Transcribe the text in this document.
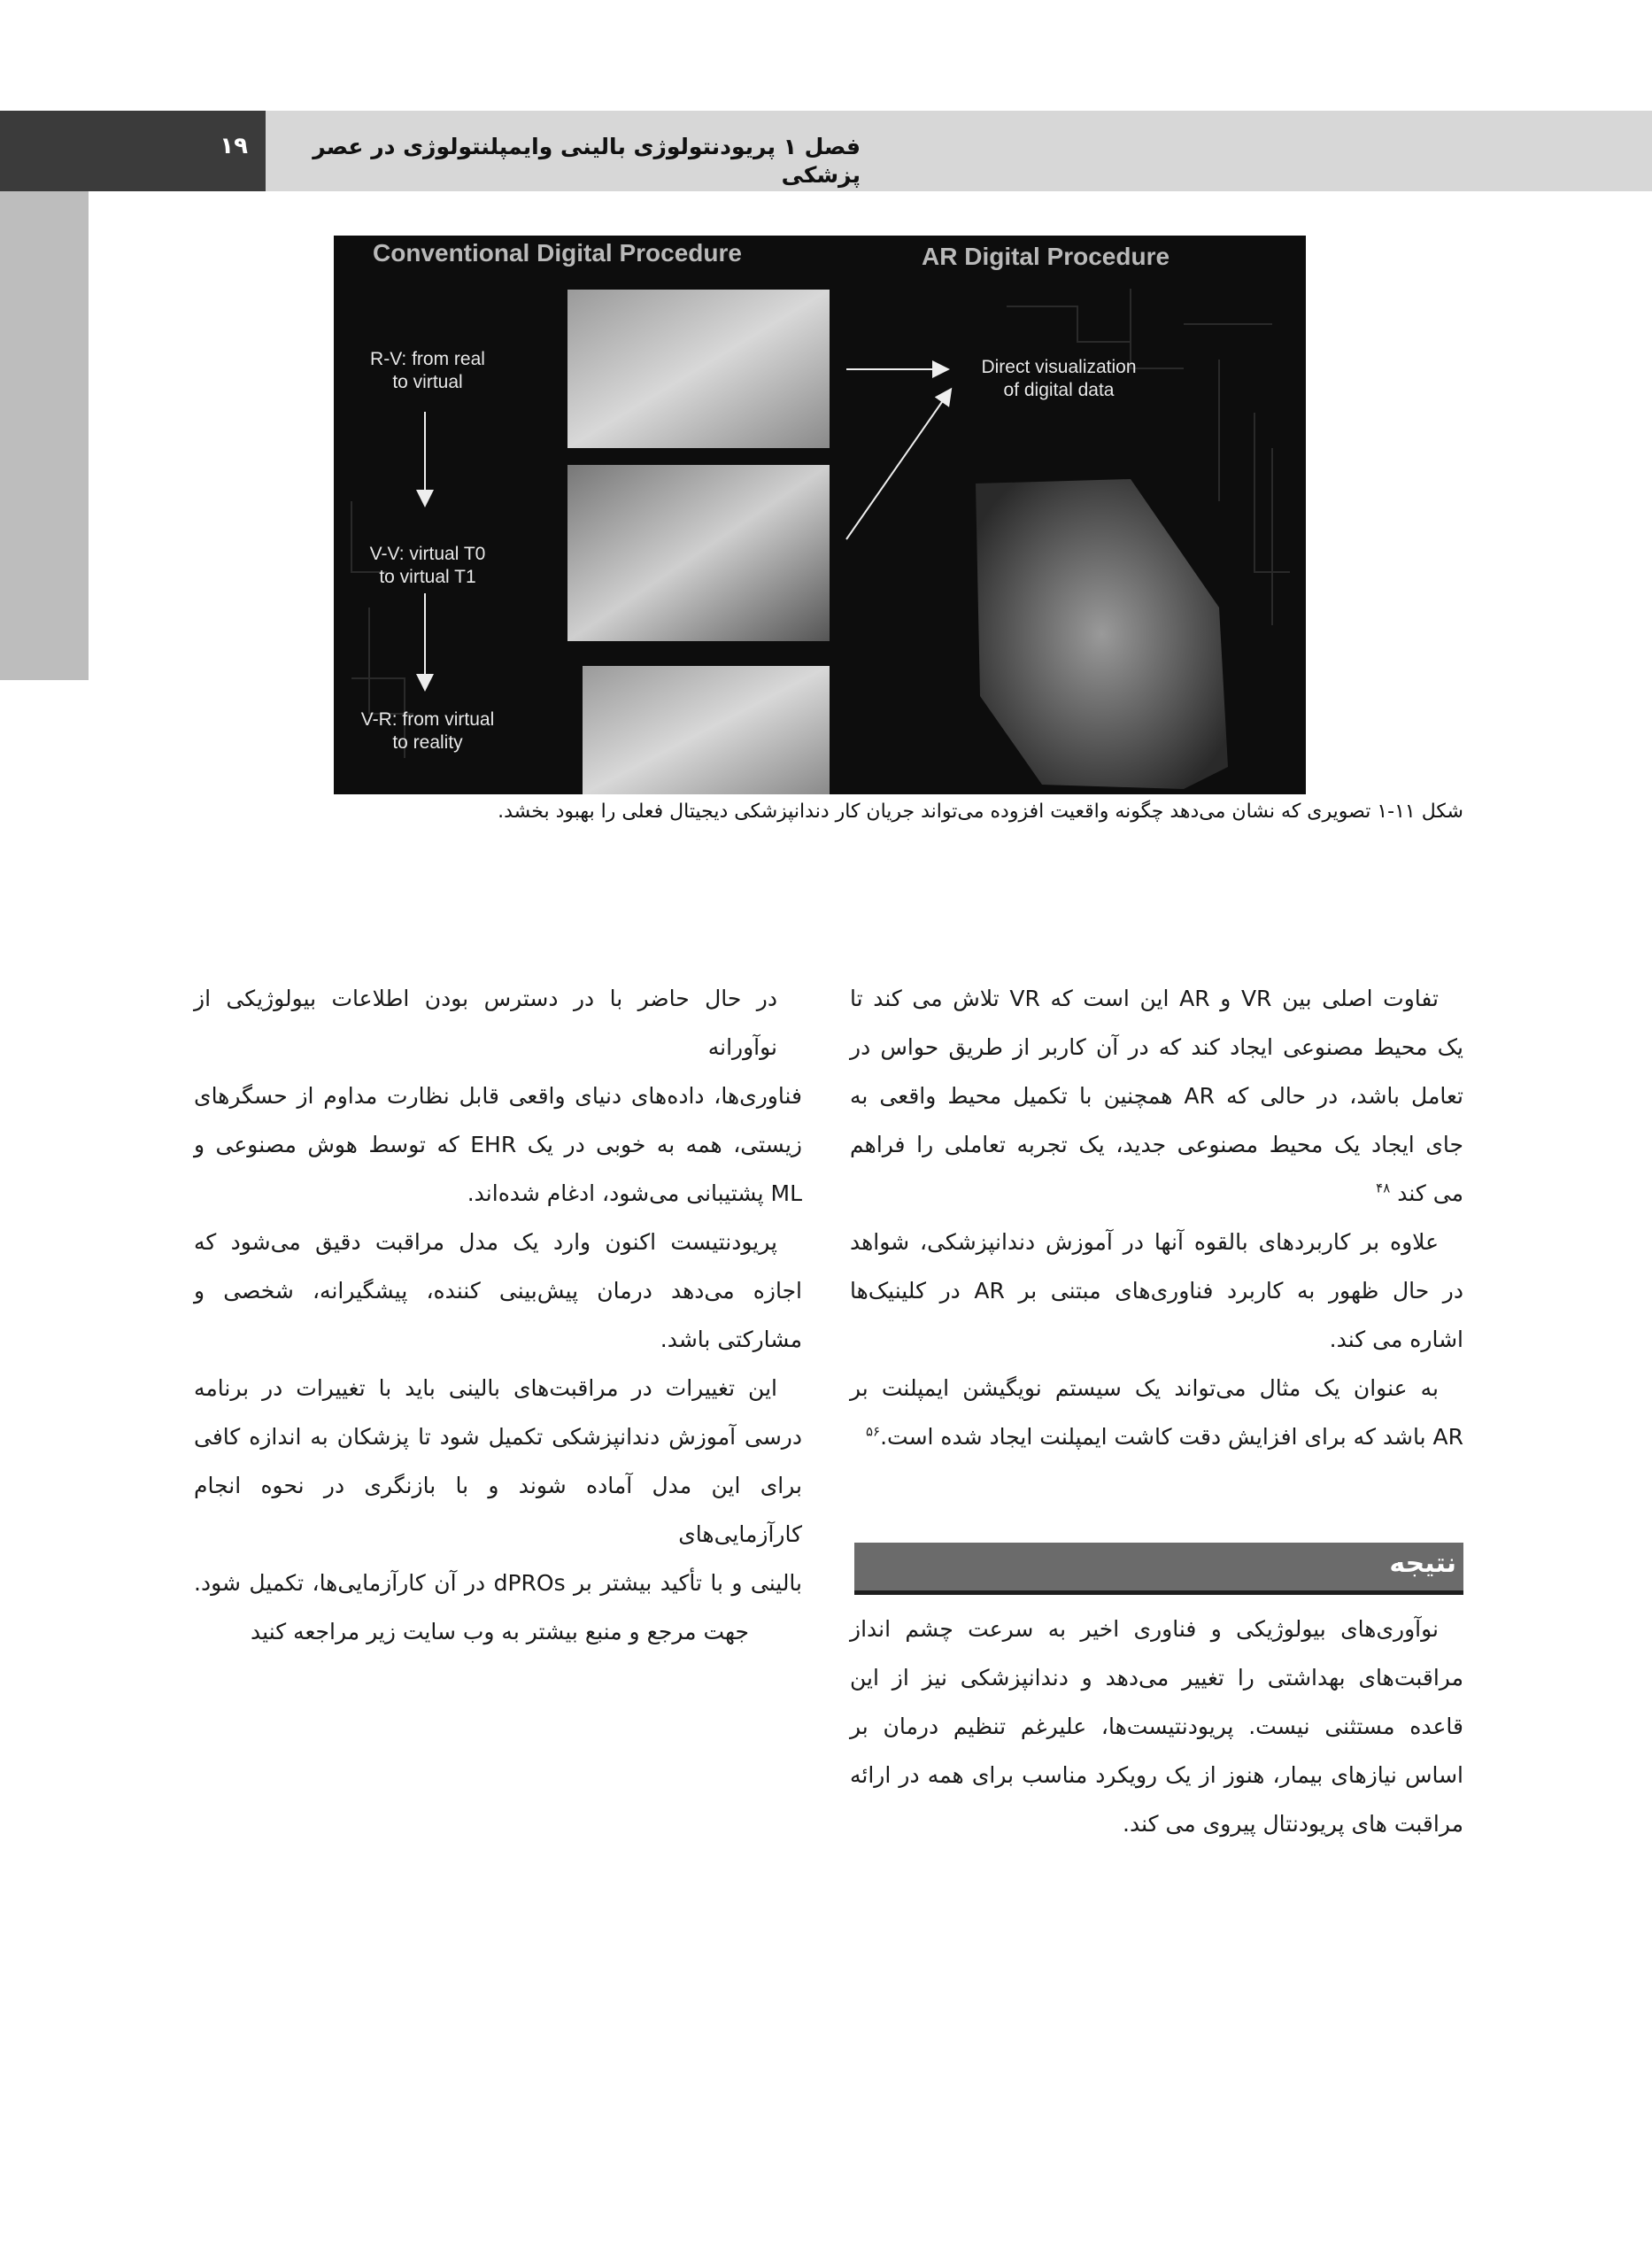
۱۹	فصل ۱ پریودنتولوژی بالینی وایمپلنتولوژی در عصر پزشکی
Conventional Digital Procedure	AR Digital Procedure
R-V: from real
to virtual
V-V: virtual T0
to virtual T1
V-R: from virtual
to reality
Direct visualization
of digital data
شکل ۱۱-۱ تصویری که نشان می‌دهد چگونه واقعیت افزوده می‌تواند جریان کار دندانپزشکی دیجیتال فعلی را بهبود بخشد.
تفاوت اصلی بین VR و AR این است که VR تلاش می کند تا
یک محیط مصنوعی ایجاد کند که در آن کاربر از طریق حواس در
تعامل باشد، در حالی که AR همچنین با تکمیل محیط واقعی به
جای ایجاد یک محیط مصنوعی جدید، یک تجربه تعاملی را فراهم
می کند $^{۴۸}$
علاوه بر کاربردهای بالقوه آنها در آموزش دندانپزشکی، شواهد
در حال ظهور به کاربرد فناوری‌های مبتنی بر AR در کلینیک‌ها
اشاره می کند.
به عنوان یک مثال می‌تواند یک سیستم نویگیشن ایمپلنت بر
AR باشد که برای افزایش دقت کاشت ایمپلنت ایجاد شده است.$^{۵۶}$
نتیجه
نوآوری‌های بیولوژیکی و فناوری اخیر به سرعت چشم انداز
مراقبت‌های بهداشتی را تغییر می‌دهد و دندانپزشکی نیز از این
قاعده مستثنی نیست. پریودنتیست‌ها، علیرغم تنظیم درمان بر
اساس نیازهای بیمار، هنوز از یک رویکرد مناسب برای همه در ارائه
مراقبت های پریودنتال پیروی می کند.
در حال حاضر با در دسترس بودن اطلاعات بیولوژیکی از نوآورانه
فناوری‌ها، داده‌های دنیای واقعی قابل نظارت مداوم از حسگرهای
زیستی، همه به خوبی در یک EHR که توسط هوش مصنوعی و
ML پشتیبانی می‌شود، ادغام شده‌اند.
پریودنتیست اکنون وارد یک مدل مراقبت دقیق می‌شود که
اجازه می‌دهد درمان پیش‌بینی کننده، پیشگیرانه، شخصی و
مشارکتی باشد.
این تغییرات در مراقبت‌های بالینی باید با تغییرات در برنامه
درسی آموزش دندانپزشکی تکمیل شود تا پزشکان به اندازه کافی
برای این مدل آماده شوند و با بازنگری در نحوه انجام کارآزمایی‌های
بالینی و با تأکید بیشتر بر dPROs در آن کارآزمایی‌ها، تکمیل شود.
جهت مرجع و منبع بیشتر به وب سایت زیر مراجعه کنید
